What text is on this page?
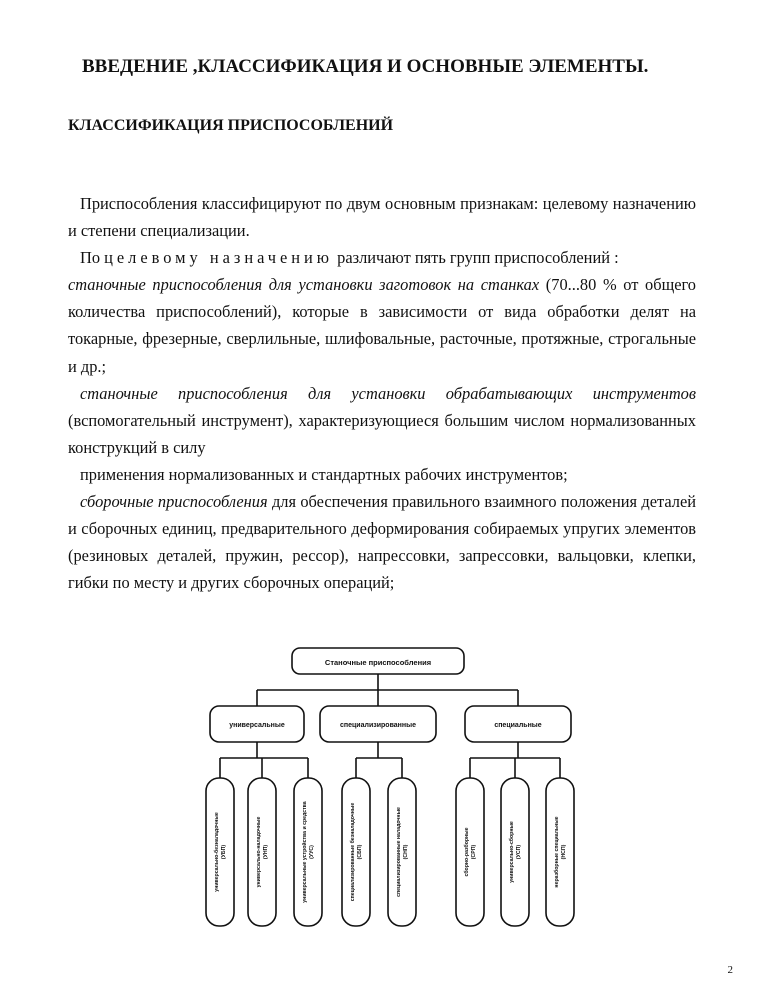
ВВЕДЕНИЕ ,КЛАССИФИКАЦИЯ И ОСНОВНЫЕ ЭЛЕМЕНТЫ.
КЛАССИФИКАЦИЯ ПРИСПОСОБЛЕНИЙ

Приспособления классифицируют по двум основным признакам: целевому назначению и степени специализации.

По целевому назначению различают пять групп приспособлений :
станочные приспособления для установки заготовок на станках (70...80 % от общего количества приспособлений), которые в зависимости от вида обработки делят на токарные, фрезерные, сверлильные, шлифовальные, расточные, протяжные, строгальные и др.;

станочные приспособления для установки обрабатывающих инструментов (вспомогательный инструмент), характеризующиеся большим числом нормализованных конструкций в силу

применения нормализованных и стандартных рабочих инструментов;

сборочные приспособления для обеспечения правильного взаимного положения деталей и сборочных единиц, предварительного деформирования собираемых упругих элементов (резиновых деталей, пружин, рессор), напрессовки, запрессовки, вальцовки, клепки, гибки по месту и других сборочных операций;

Станочные приспособления
универсальные	специализированные	специальные
универсально-безналадочные (УБП)	универсально-наладочные (УНП)	универсальные устройства и средства (УУС)	специализированные безналадочные (СБП)	специализированные наладочные (СНП)	сборно-разборные (СРП)	универсально-сборные (УСП)	неразборные специальные (НСП)
2
